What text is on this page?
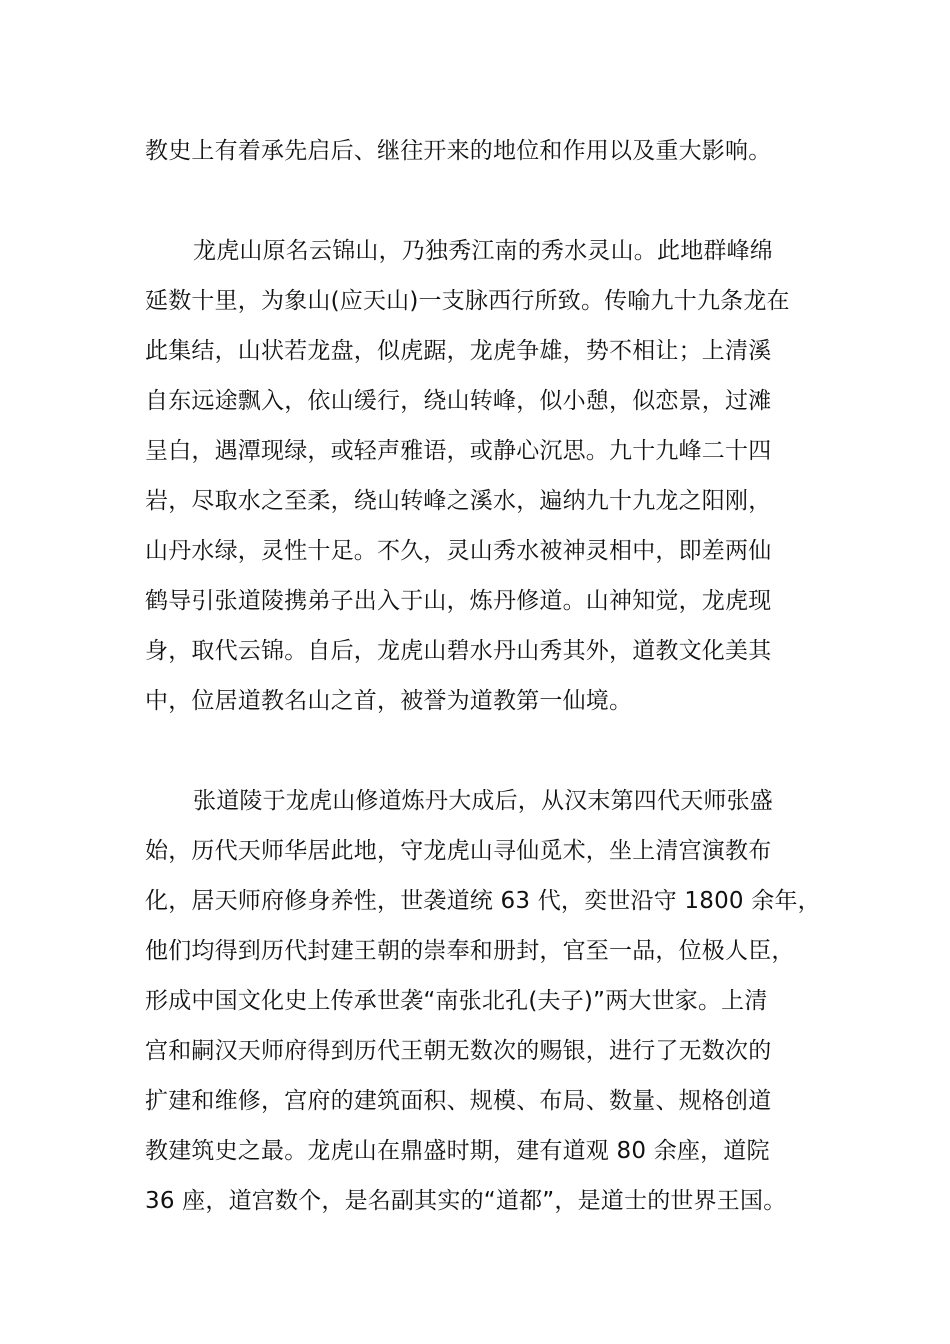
教史上有着承先启后、继往开来的地位和作用以及重大影响。
龙虎山原名云锦山，乃独秀江南的秀水灵山。此地群峰绵
延数十里，为象山(应天山)一支脉西行所致。传喻九十九条龙在
此集结，山状若龙盘，似虎踞，龙虎争雄，势不相让；上清溪
自东远途飘入，依山缓行，绕山转峰，似小憩，似恋景，过滩
呈白，遇潭现绿，或轻声雅语，或静心沉思。九十九峰二十四
岩，尽取水之至柔，绕山转峰之溪水，遍纳九十九龙之阳刚，
山丹水绿，灵性十足。不久，灵山秀水被神灵相中，即差两仙
鹤导引张道陵携弟子出入于山，炼丹修道。山神知觉，龙虎现
身，取代云锦。自后，龙虎山碧水丹山秀其外，道教文化美其
中，位居道教名山之首，被誉为道教第一仙境。
张道陵于龙虎山修道炼丹大成后，从汉末第四代天师张盛
始，历代天师华居此地，守龙虎山寻仙觅术，坐上清宫演教布
化，居天师府修身养性，世袭道统 63 代，奕世沿守 1800 余年，
他们均得到历代封建王朝的崇奉和册封，官至一品，位极人臣，
形成中国文化史上传承世袭“南张北孔(夫子)”两大世家。上清
宫和嗣汉天师府得到历代王朝无数次的赐银，进行了无数次的
扩建和维修，宫府的建筑面积、规模、布局、数量、规格创道
教建筑史之最。龙虎山在鼎盛时期，建有道观 80 余座，道院
36 座，道宫数个，是名副其实的“道都”，是道士的世界王国。
